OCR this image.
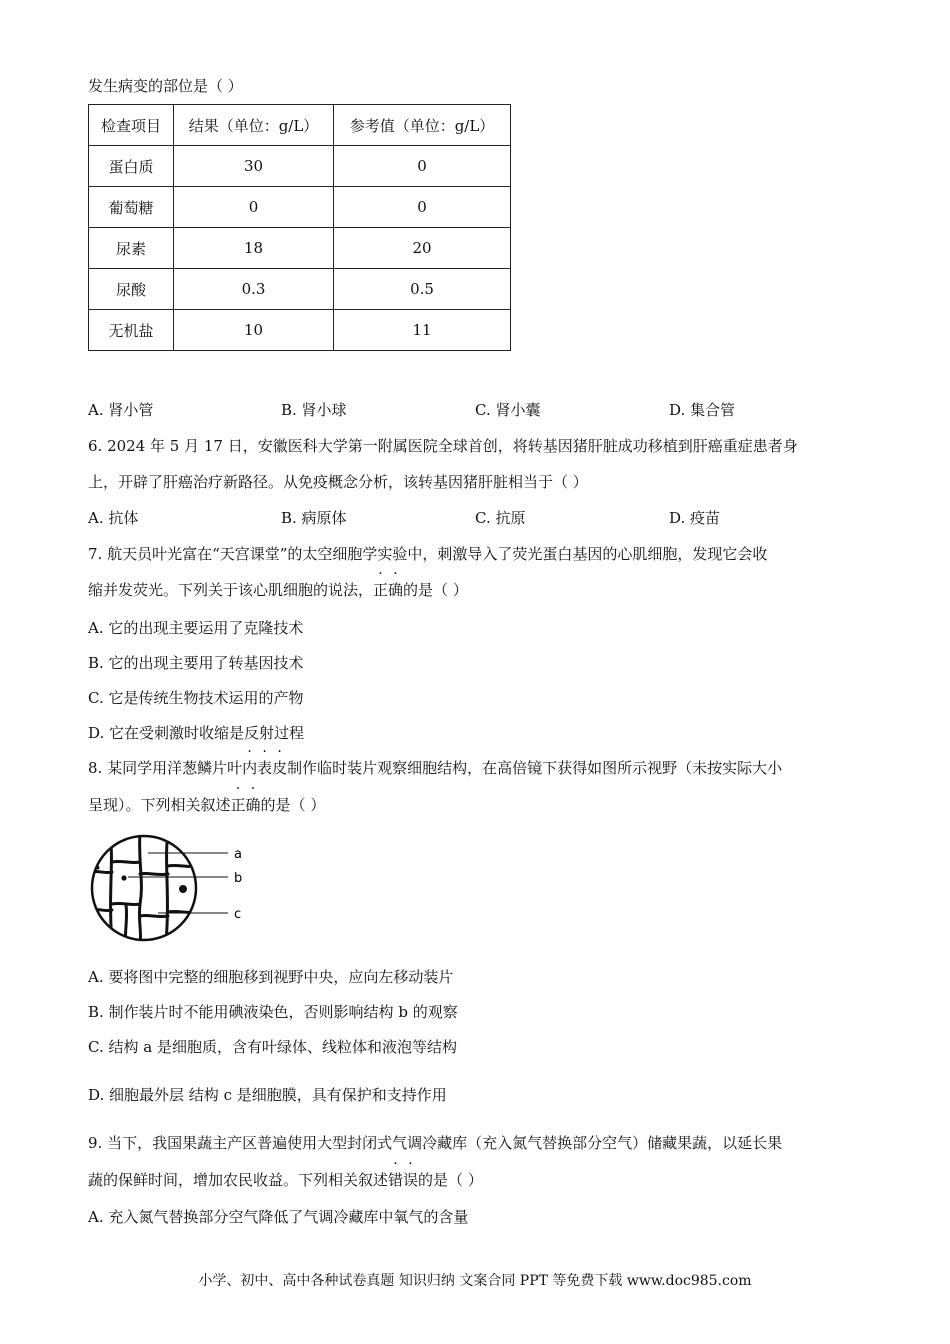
发生病变的部位是（ ）
检查项目	结果（单位：g/L）	参考值（单位：g/L）
蛋白质	30	0
葡萄糖	0	0
尿素	18	20
尿酸	0.3	0.5
无机盐	10	11
A. 肾小管	B. 肾小球	C. 肾小囊	D. 集合管
6. 2024 年 5 月 17 日，安徽医科大学第一附属医院全球首创，将转基因猪肝脏成功移植到肝癌重症患者身
上，开辟了肝癌治疗新路径。从免疫概念分析，该转基因猪肝脏相当于（ ）
A. 抗体	B. 病原体	C. 抗原	D. 疫苗
7. 航天员叶光富在“天宫课堂”的太空细胞学实验中，刺激导入了荧光蛋白基因的心肌细胞，发现它会收
缩并发荧光。下列关于该心肌细胞的说法，正确的是（ ）
A. 它的出现主要运用了克隆技术
B. 它的出现主要用了转基因技术
C. 它是传统生物技术运用的产物
D. 它在受刺激时收缩是反射过程
8. 某同学用洋葱鳞片叶内表皮制作临时装片观察细胞结构，在高倍镜下获得如图所示视野（未按实际大小
呈现）。下列相关叙述正确的是（ ）
a
b
c
A. 要将图中完整的细胞移到视野中央，应向左移动装片
B. 制作装片时不能用碘液染色，否则影响结构 b 的观察
C. 结构 a 是细胞质，含有叶绿体、线粒体和液泡等结构
D. 细胞最外层 结构 c 是细胞膜，具有保护和支持作用
9. 当下，我国果蔬主产区普遍使用大型封闭式气调冷藏库（充入氮气替换部分空气）储藏果蔬，以延长果
蔬的保鲜时间，增加农民收益。下列相关叙述错误的是（ ）
A. 充入氮气替换部分空气降低了气调冷藏库中氧气的含量
小学、初中、高中各种试卷真题 知识归纳 文案合同 PPT 等免费下载 www.doc985.com
